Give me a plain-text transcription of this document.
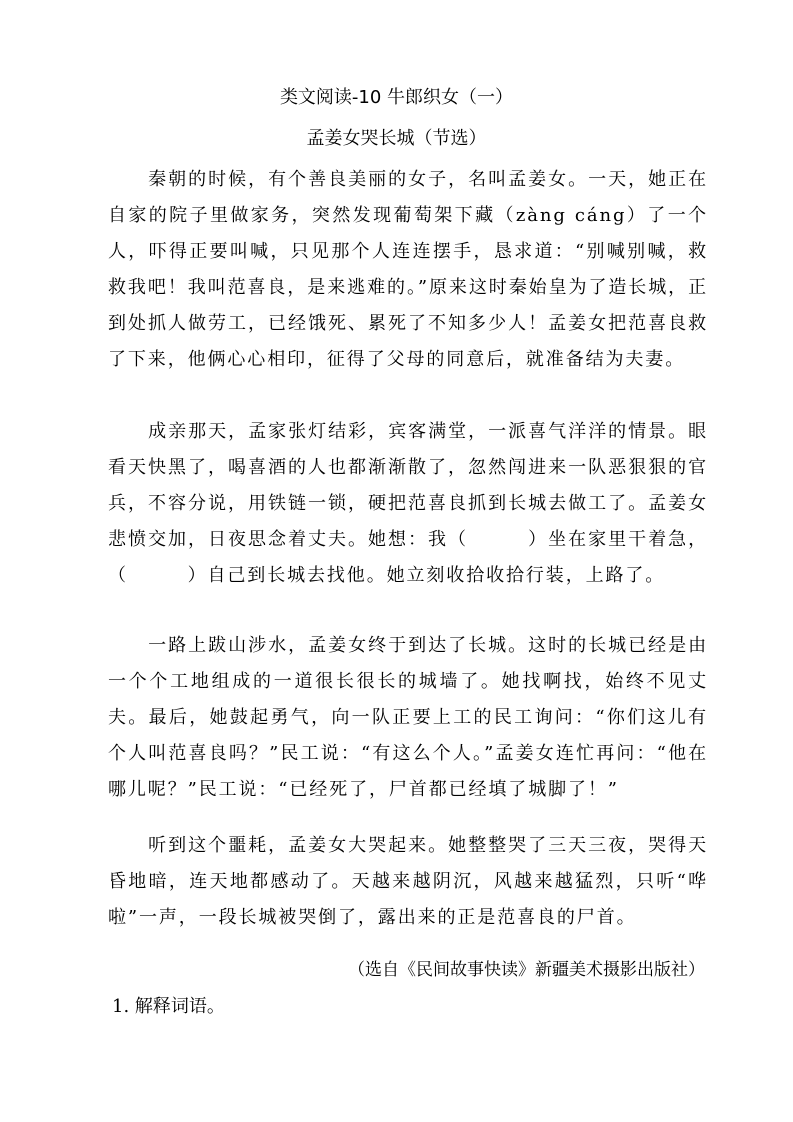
类文阅读-10 牛郎织女（一）
孟姜女哭长城（节选）

秦朝的时候，有个善良美丽的女子，名叫孟姜女。一天，她正在自家的院子里做家务，突然发现葡萄架下藏（zàng cáng）了一个人，吓得正要叫喊，只见那个人连连摆手，恳求道：“别喊别喊，救救我吧！我叫范喜良，是来逃难的。”原来这时秦始皇为了造长城，正到处抓人做劳工，已经饿死、累死了不知多少人！孟姜女把范喜良救了下来，他俩心心相印，征得了父母的同意后，就准备结为夫妻。

成亲那天，孟家张灯结彩，宾客满堂，一派喜气洋洋的情景。眼看天快黑了，喝喜酒的人也都渐渐散了，忽然闯进来一队恶狠狠的官兵，不容分说，用铁链一锁，硬把范喜良抓到长城去做工了。孟姜女悲愤交加，日夜思念着丈夫。她想：我（　　　）坐在家里干着急，（　　　）自己到长城去找他。她立刻收拾收拾行装，上路了。

一路上跋山涉水，孟姜女终于到达了长城。这时的长城已经是由一个个工地组成的一道很长很长的城墙了。她找啊找，始终不见丈夫。最后，她鼓起勇气，向一队正要上工的民工询问：“你们这儿有个人叫范喜良吗？”民工说：“有这么个人。”孟姜女连忙再问：“他在哪儿呢？”民工说：“已经死了，尸首都已经填了城脚了！”

听到这个噩耗，孟姜女大哭起来。她整整哭了三天三夜，哭得天昏地暗，连天地都感动了。天越来越阴沉，风越来越猛烈，只听“哗啦”一声，一段长城被哭倒了，露出来的正是范喜良的尸首。

（选自《民间故事快读》新疆美术摄影出版社）
1. 解释词语。
